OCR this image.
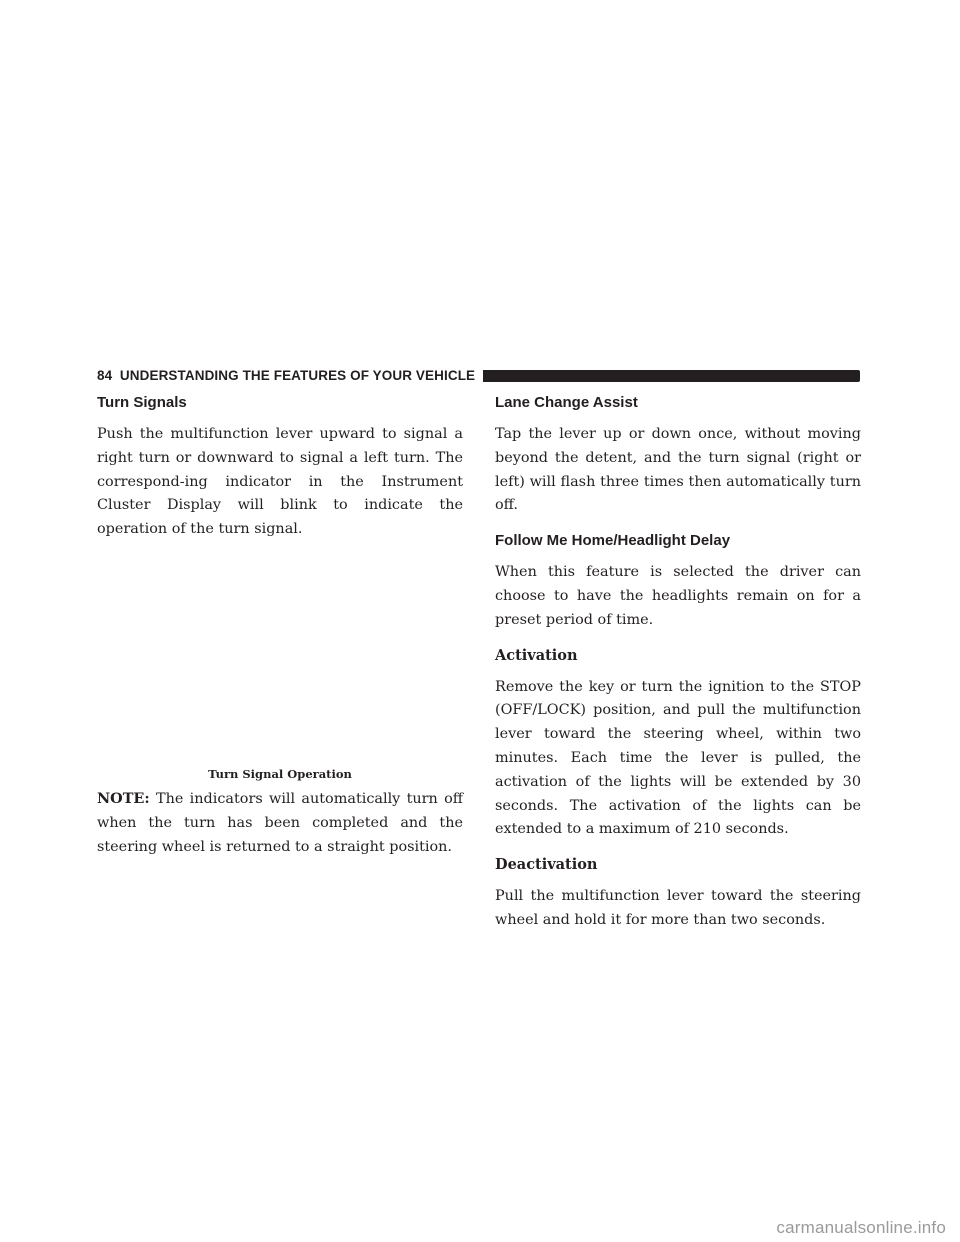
84 UNDERSTANDING THE FEATURES OF YOUR VEHICLE
Turn Signals

Push the multifunction lever upward to signal a right turn or downward to signal a left turn. The correspond-ing indicator in the Instrument Cluster Display will blink to indicate the operation of the turn signal.

Turn Signal Operation

NOTE: The indicators will automatically turn off when the turn has been completed and the steering wheel is returned to a straight position.

Lane Change Assist

Tap the lever up or down once, without moving beyond the detent, and the turn signal (right or left) will flash three times then automatically turn off.

Follow Me Home/Headlight Delay

When this feature is selected the driver can choose to have the headlights remain on for a preset period of time.

Activation

Remove the key or turn the ignition to the STOP (OFF/LOCK) position, and pull the multifunction lever toward the steering wheel, within two minutes. Each time the lever is pulled, the activation of the lights will be extended by 30 seconds. The activation of the lights can be extended to a maximum of 210 seconds.

Deactivation

Pull the multifunction lever toward the steering wheel and hold it for more than two seconds.

carmanualsonline.info
